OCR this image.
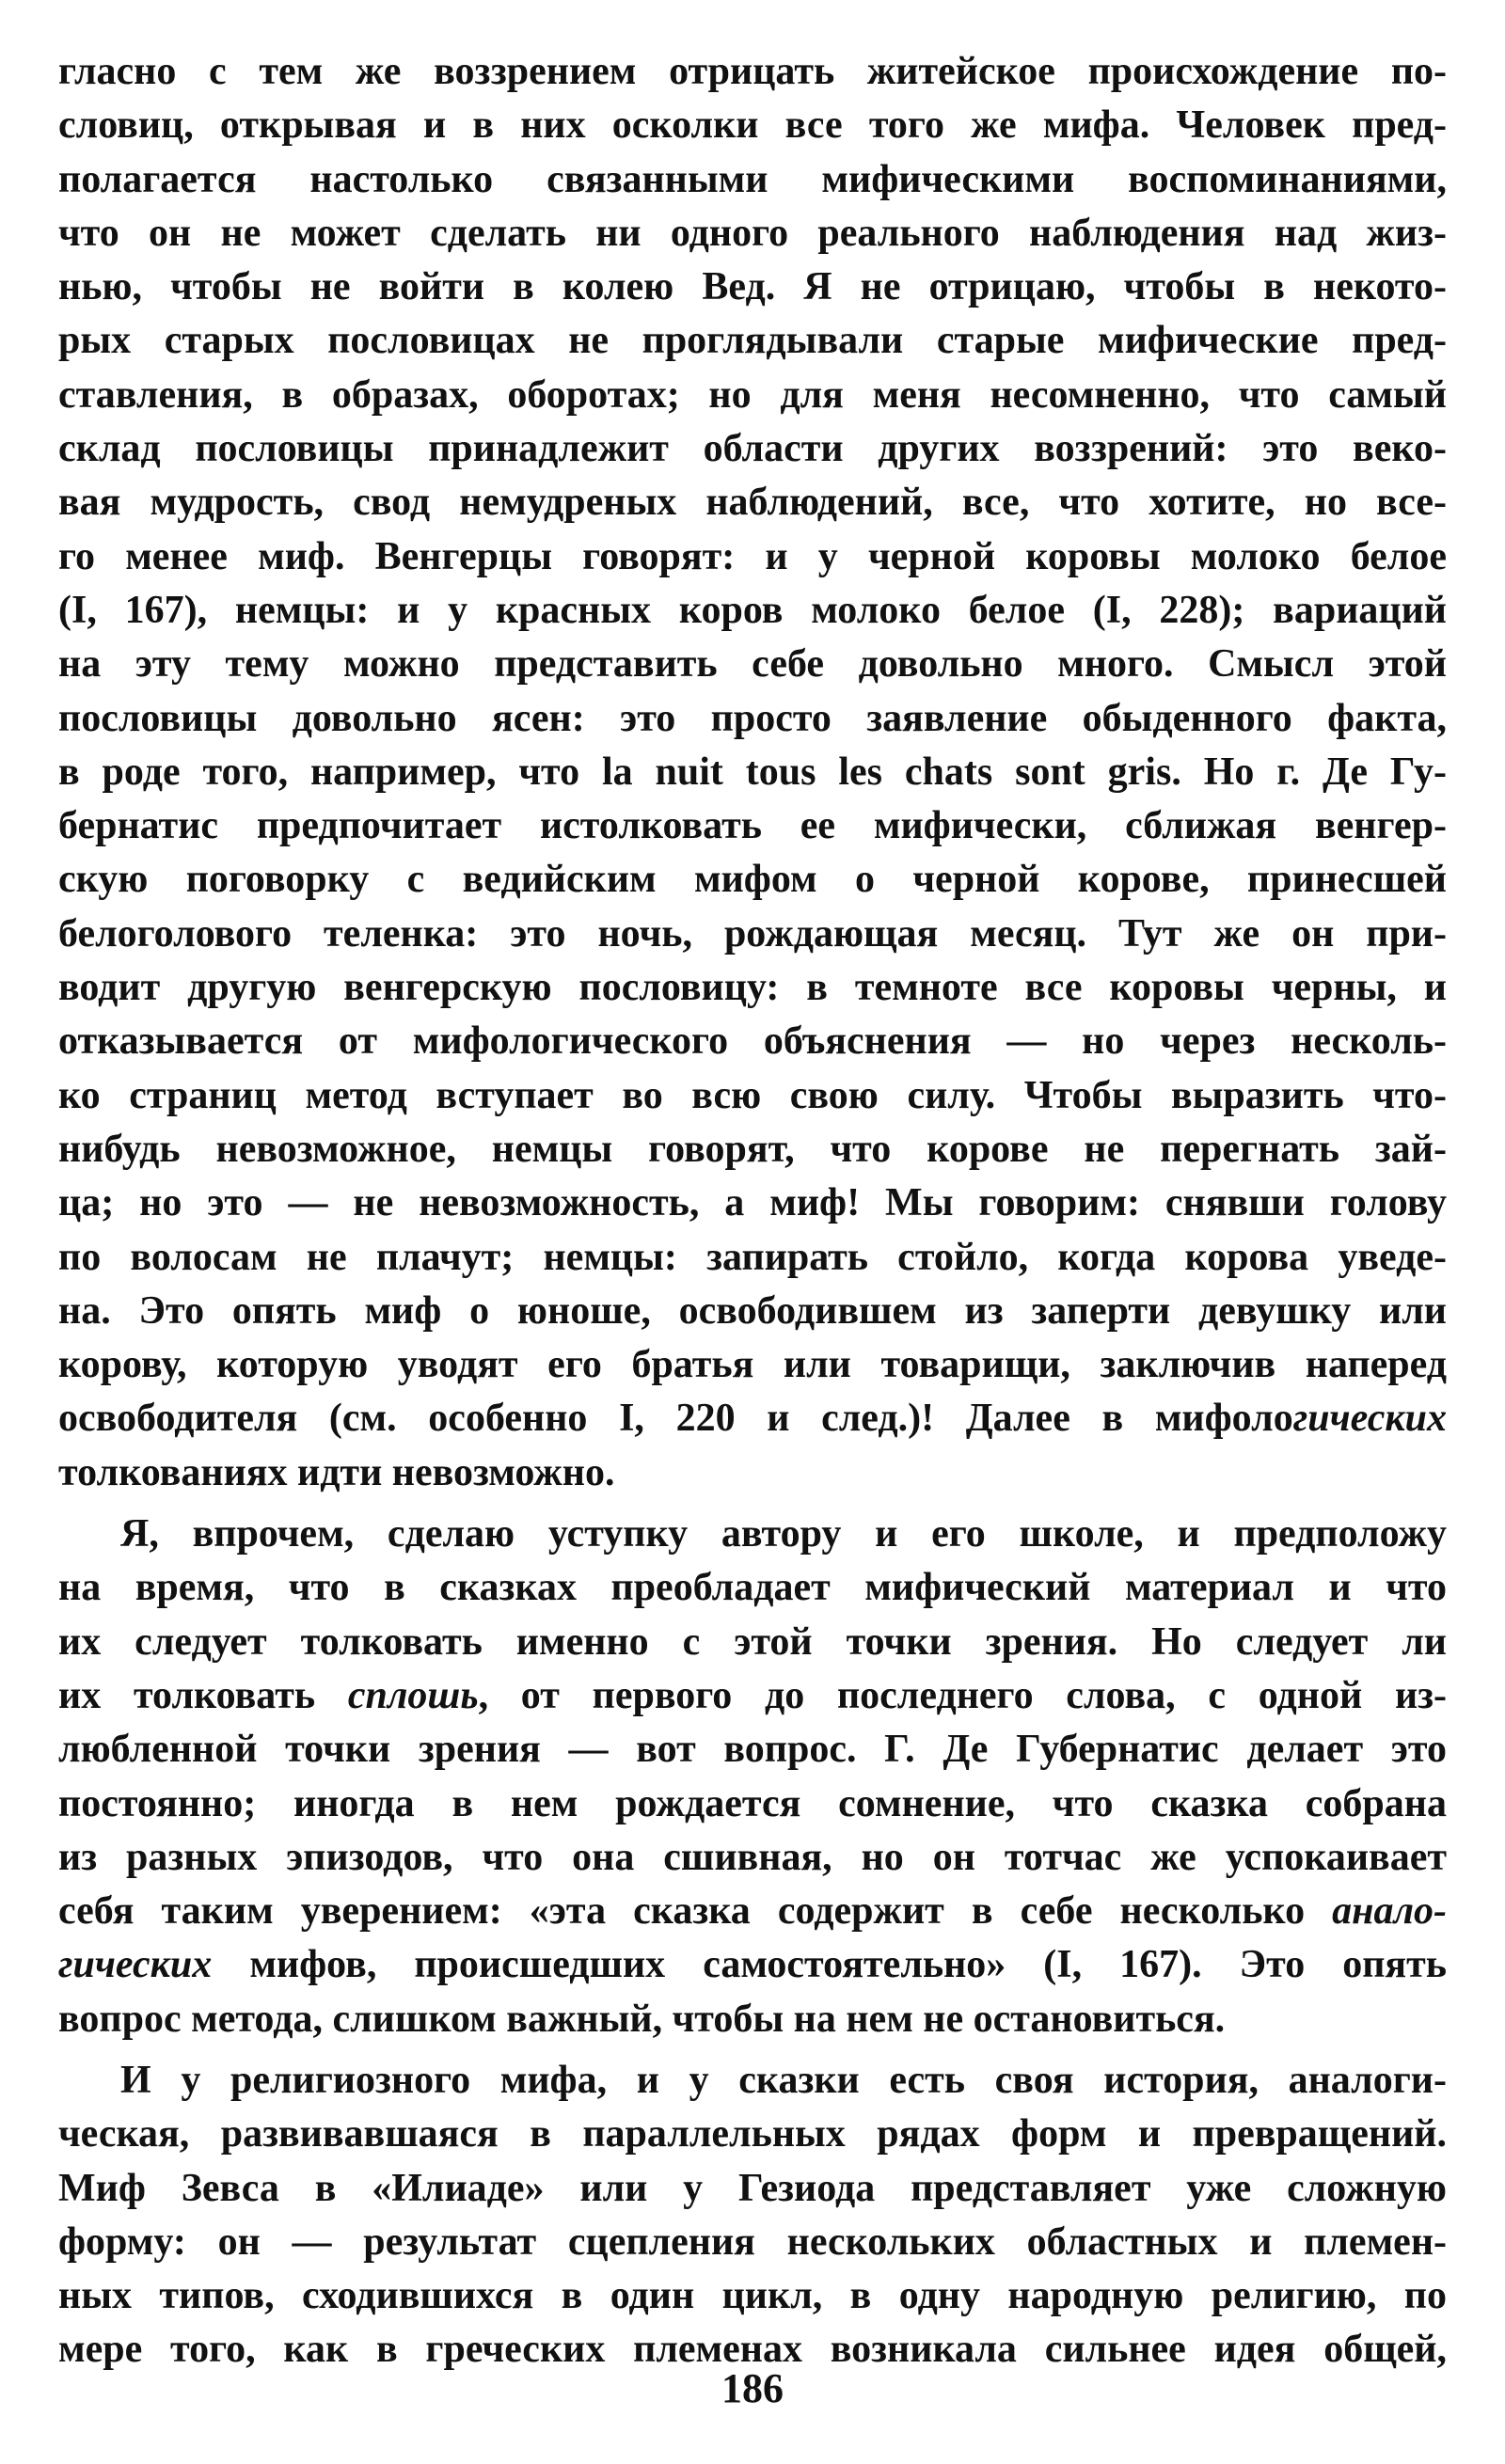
гласно с тем же воззрением отрицать житейское происхождение по-
словиц, открывая и в них осколки все того же мифа. Человек пред-
полагается настолько связанными мифическими воспоминаниями,
что он не может сделать ни одного реального наблюдения над жиз-
нью, чтобы не войти в колею Вед. Я не отрицаю, чтобы в некото-
рых старых пословицах не проглядывали старые мифические пред-
ставления, в образах, оборотах; но для меня несомненно, что самый
склад пословицы принадлежит области других воззрений: это веко-
вая мудрость, свод немудреных наблюдений, все, что хотите, но все-
го менее миф. Венгерцы говорят: и у черной коровы молоко белое
(I, 167), немцы: и у красных коров молоко белое (I, 228); вариаций
на эту тему можно представить себе довольно много. Смысл этой
пословицы довольно ясен: это просто заявление обыденного факта,
в роде того, например, что la nuit tous les chats sont gris. Но г. Де Гу-
бернатис предпочитает истолковать ее мифически, сближая венгер-
скую поговорку с ведийским мифом о черной корове, принесшей
белоголового теленка: это ночь, рождающая месяц. Тут же он при-
водит другую венгерскую пословицу: в темноте все коровы черны, и
отказывается от мифологического объяснения — но через несколь-
ко страниц метод вступает во всю свою силу. Чтобы выразить что-
нибудь невозможное, немцы говорят, что корове не перегнать зай-
ца; но это — не невозможность, а миф! Мы говорим: снявши голову
по волосам не плачут; немцы: запирать стойло, когда корова уведе-
на. Это опять миф о юноше, освободившем из заперти девушку или
корову, которую уводят его братья или товарищи, заключив наперед
освободителя (см. особенно I, 220 и след.)! Далее в мифологических
толкованиях идти невозможно.
Я, впрочем, сделаю уступку автору и его школе, и предположу
на время, что в сказках преобладает мифический материал и что
их следует толковать именно с этой точки зрения. Но следует ли
их толковать сплошь, от первого до последнего слова, с одной из-
любленной точки зрения — вот вопрос. Г. Де Губернатис делает это
постоянно; иногда в нем рождается сомнение, что сказка собрана
из разных эпизодов, что она сшивная, но он тотчас же успокаивает
себя таким уверением: «эта сказка содержит в себе несколько анало-
гических мифов, происшедших самостоятельно» (I, 167). Это опять
вопрос метода, слишком важный, чтобы на нем не остановиться.
И у религиозного мифа, и у сказки есть своя история, аналоги-
ческая, развивавшаяся в параллельных рядах форм и превращений.
Миф Зевса в «Илиаде» или у Гезиода представляет уже сложную
форму: он — результат сцепления нескольких областных и племен-
ных типов, сходившихся в один цикл, в одну народную религию, по
мере того, как в греческих племенах возникала сильнее идея общей,
186
